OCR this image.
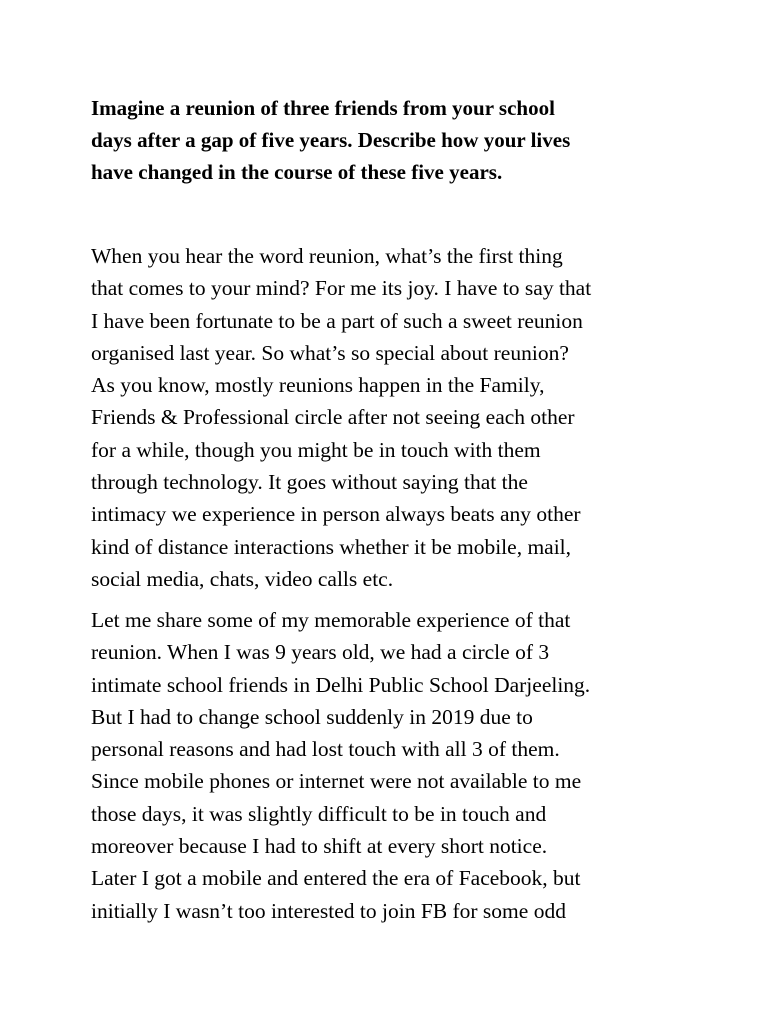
Imagine a reunion of three friends from your school
days after a gap of five years. Describe how your lives
have changed in the course of these five years.

When you hear the word reunion, what’s the first thing
that comes to your mind? For me its joy. I have to say that
I have been fortunate to be a part of such a sweet reunion
organised last year. So what’s so special about reunion?
As you know, mostly reunions happen in the Family,
Friends & Professional circle after not seeing each other
for a while, though you might be in touch with them
through technology. It goes without saying that the
intimacy we experience in person always beats any other
kind of distance interactions whether it be mobile, mail,
social media, chats, video calls etc.

Let me share some of my memorable experience of that
reunion. When I was 9 years old, we had a circle of 3
intimate school friends in Delhi Public School Darjeeling.
But I had to change school suddenly in 2019 due to
personal reasons and had lost touch with all 3 of them.
Since mobile phones or internet were not available to me
those days, it was slightly difficult to be in touch and
moreover because I had to shift at every short notice.
Later I got a mobile and entered the era of Facebook, but
initially I wasn’t too interested to join FB for some odd
